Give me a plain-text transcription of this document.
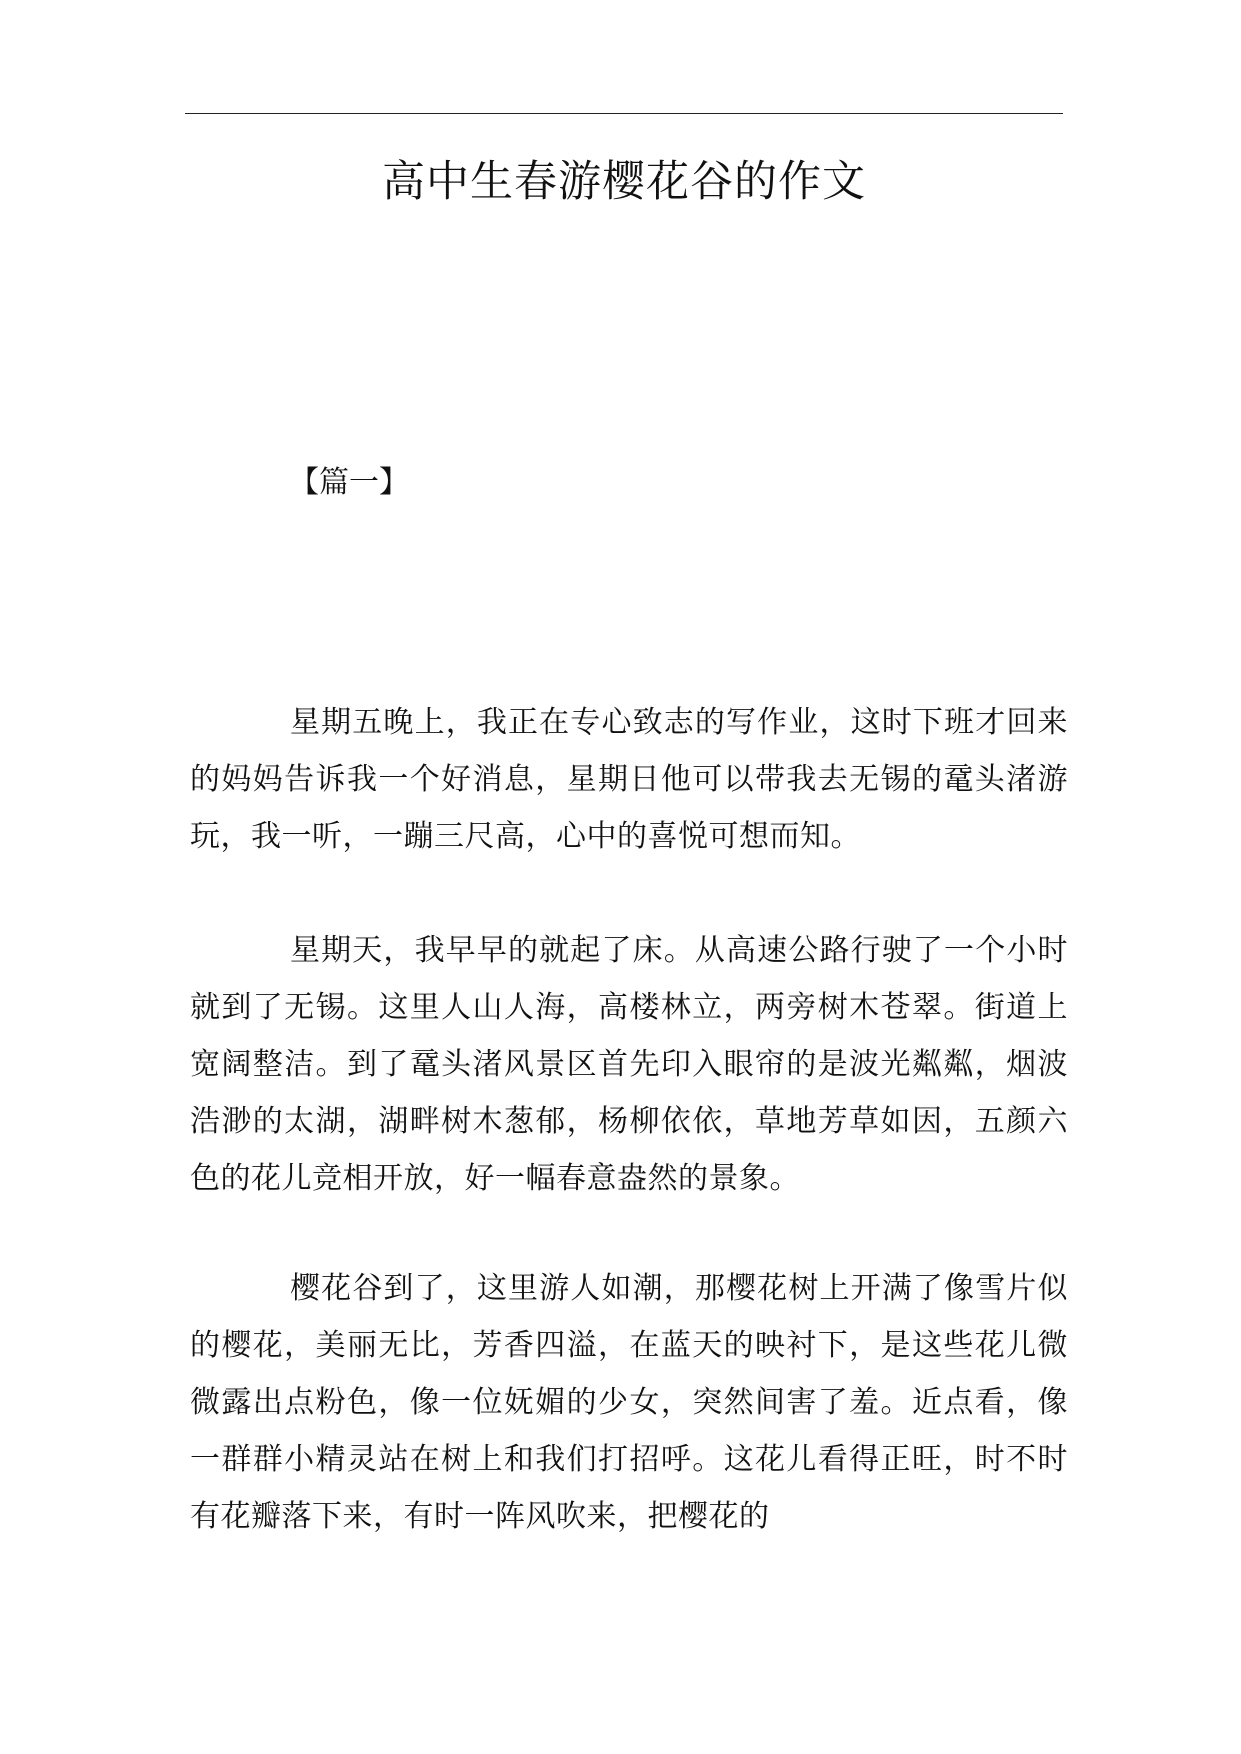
高中生春游樱花谷的作文

【篇一】

星期五晚上，我正在专心致志的写作业，这时下班才回来的妈妈告诉我一个好消息，星期日他可以带我去无锡的鼋头渚游玩，我一听，一蹦三尺高，心中的喜悦可想而知。

星期天，我早早的就起了床。从高速公路行驶了一个小时就到了无锡。这里人山人海，高楼林立，两旁树木苍翠。街道上宽阔整洁。到了鼋头渚风景区首先印入眼帘的是波光粼粼，烟波浩渺的太湖，湖畔树木葱郁，杨柳依依，草地芳草如因，五颜六色的花儿竞相开放，好一幅春意盎然的景象。

樱花谷到了，这里游人如潮，那樱花树上开满了像雪片似的樱花，美丽无比，芳香四溢，在蓝天的映衬下，是这些花儿微微露出点粉色，像一位妩媚的少女，突然间害了羞。近点看，像一群群小精灵站在树上和我们打招呼。这花儿看得正旺，时不时有花瓣落下来，有时一阵风吹来，把樱花的
